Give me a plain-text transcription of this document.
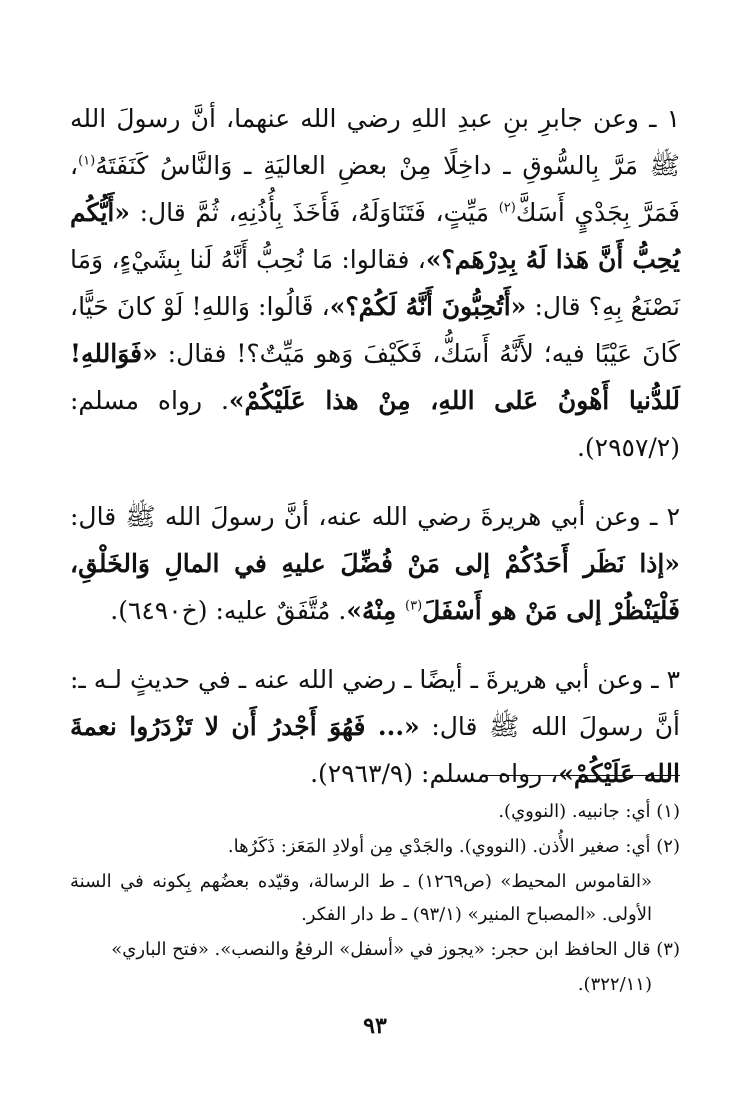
١ ـ وعن جابرِ بنِ عبدِ اللهِ رضي الله عنهما، أنَّ رسولَ الله ﷺ مَرَّ بِالسُّوقِ ـ داخِلًا مِنْ بعضِ العاليَةِ ـ وَالنَّاسُ كَنَفَتَهُ$^{(١)}$، فَمَرَّ بِجَدْيٍ أَسَكَّ$^{(٢)}$ مَيِّتٍ، فَتَنَاوَلَهُ، فَأَخَذَ بِأُذُنِهِ، ثُمَّ قال: «أَيُّكُم يُحِبُّ أَنَّ هَذا لَهُ بِدِرْهَم؟»، فقالوا: مَا نُحِبُّ أَنَّهُ لَنا بِشَيْءٍ، وَمَا نَصْنَعُ بِهِ؟ قال: «أَتُحِبُّونَ أَنَّهُ لَكُمْ؟»، قَالُوا: وَاللهِ! لَوْ كانَ حَيًّا، كَانَ عَيْبًا فيه؛ لأَنَّهُ أَسَكُّ، فَكَيْفَ وَهو مَيِّتٌ؟! فقال: «فَوَاللهِ! لَلدُّنيا أَهْونُ عَلى اللهِ، مِنْ هذا عَلَيْكُمْ». رواه مسلم: (٢٩٥٧/٢).

٢ ـ وعن أبي هريرةَ رضي الله عنه، أنَّ رسولَ الله ﷺ قال: «إذا نَظَر أَحَدُكُمْ إلى مَنْ فُضِّلَ عليهِ في المالِ وَالخَلْقِ، فَلْيَنْظُرْ إلى مَنْ هو أَسْفَلَ$^{(٣)}$ مِنْهُ». مُتَّفَقٌ عليه: (خ٦٤٩٠).

٣ ـ وعن أبي هريرةَ ـ أيضًا ـ رضي الله عنه ـ في حديثٍ لـه ـ: أنَّ رسولَ الله ﷺ قال: «... فَهُوَ أَجْدرُ أَن لا تَزْدَرُوا نعمةَ الله عَلَيْكُمْ»، رواه مسلم: (٢٩٦٣/٩).

(١) أي: جانبيه. (النووي).

(٢) أي: صغير الأُذن. (النووي). والجَدْي مِن أولادِ المَعَز: ذَكَرُها.

«القاموس المحيط» (ص١٢٦٩) ـ ط الرسالة، وقيّده بعضُهم بِكونه في السنة الأولى. «المصباح المنير» (٩٣/١) ـ ط دار الفكر.

(٣) قال الحافظ ابن حجر: «يجوز في «أسفل» الرفعُ والنصب». «فتح الباري»

(٣٢٢/١١).

٩٣
